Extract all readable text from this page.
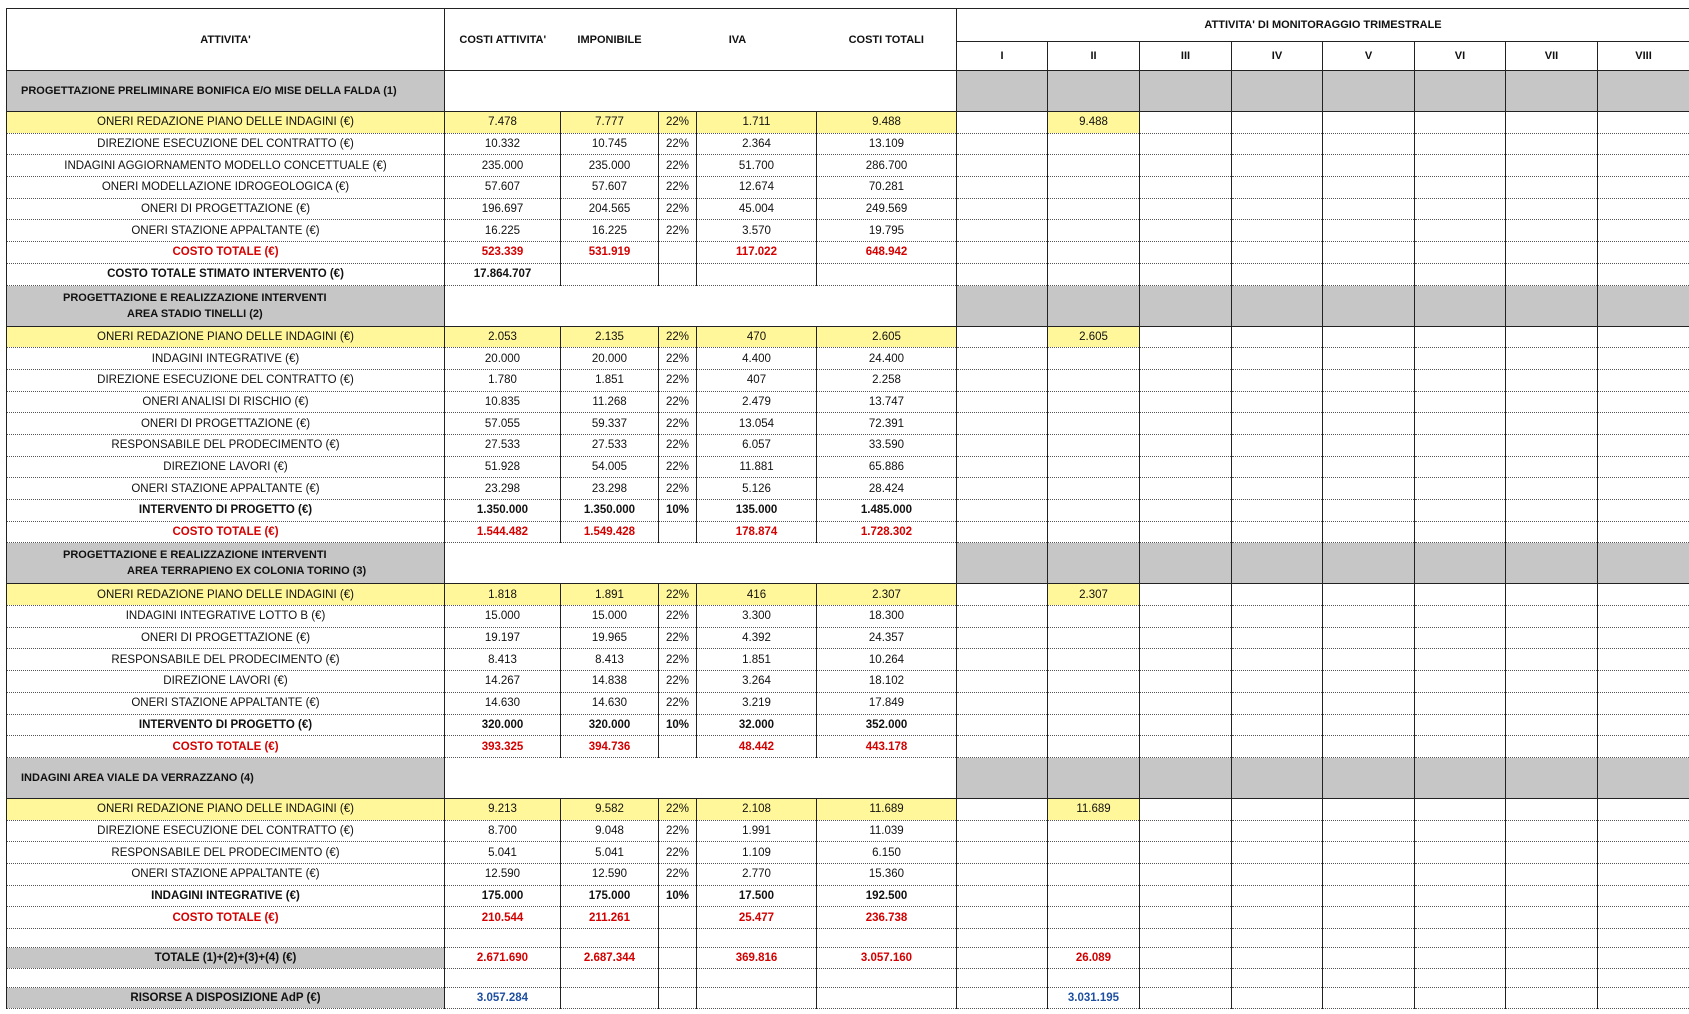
ATTIVITA'	COSTI ATTIVITA'	IMPONIBILE	IVA		COSTI TOTALI	ATTIVITA' DI MONITORAGGIO TRIMESTRALE							
						I	II	III	IV	V	VI	VII	VIII

PROGETTAZIONE PRELIMINARE BONIFICA E/O MISE DELLA FALDA (1)													

ONERI REDAZIONE PIANO DELLE INDAGINI (€)	7.478	7.777	22%	1.711	9.488		9.488						
DIREZIONE ESECUZIONE DEL CONTRATTO (€)	10.332	10.745	22%	2.364	13.109								
INDAGINI AGGIORNAMENTO MODELLO CONCETTUALE (€)	235.000	235.000	22%	51.700	286.700								
ONERI MODELLAZIONE IDROGEOLOGICA (€)	57.607	57.607	22%	12.674	70.281								
ONERI DI PROGETTAZIONE (€)	196.697	204.565	22%	45.004	249.569								
ONERI STAZIONE APPALTANTE (€)	16.225	16.225	22%	3.570	19.795								
COSTO TOTALE (€)	523.339	531.919		117.022	648.942								
COSTO TOTALE STIMATO INTERVENTO (€)	17.864.707												

PROGETTAZIONE E REALIZZAZIONE INTERVENTI
AREA STADIO TINELLI (2)													

ONERI REDAZIONE PIANO DELLE INDAGINI (€)	2.053	2.135	22%	470	2.605		2.605						
INDAGINI INTEGRATIVE (€)	20.000	20.000	22%	4.400	24.400								
DIREZIONE ESECUZIONE DEL CONTRATTO (€)	1.780	1.851	22%	407	2.258								
ONERI ANALISI DI RISCHIO (€)	10.835	11.268	22%	2.479	13.747								
ONERI DI PROGETTAZIONE (€)	57.055	59.337	22%	13.054	72.391								
RESPONSABILE DEL PRODECIMENTO (€)	27.533	27.533	22%	6.057	33.590								
DIREZIONE LAVORI (€)	51.928	54.005	22%	11.881	65.886								
ONERI STAZIONE APPALTANTE (€)	23.298	23.298	22%	5.126	28.424								
INTERVENTO DI PROGETTO (€)	1.350.000	1.350.000	10%	135.000	1.485.000								
COSTO TOTALE (€)	1.544.482	1.549.428		178.874	1.728.302								

PROGETTAZIONE E REALIZZAZIONE INTERVENTI
AREA TERRAPIENO EX COLONIA TORINO (3)													

ONERI REDAZIONE PIANO DELLE INDAGINI (€)	1.818	1.891	22%	416	2.307		2.307						
INDAGINI INTEGRATIVE LOTTO B (€)	15.000	15.000	22%	3.300	18.300								
ONERI DI PROGETTAZIONE (€)	19.197	19.965	22%	4.392	24.357								
RESPONSABILE DEL PRODECIMENTO (€)	8.413	8.413	22%	1.851	10.264								
DIREZIONE LAVORI (€)	14.267	14.838	22%	3.264	18.102								
ONERI STAZIONE APPALTANTE (€)	14.630	14.630	22%	3.219	17.849								
INTERVENTO DI PROGETTO (€)	320.000	320.000	10%	32.000	352.000								
COSTO TOTALE (€)	393.325	394.736		48.442	443.178								

INDAGINI AREA VIALE DA VERRAZZANO (4)													

ONERI REDAZIONE PIANO DELLE INDAGINI (€)	9.213	9.582	22%	2.108	11.689		11.689						
DIREZIONE ESECUZIONE DEL CONTRATTO (€)	8.700	9.048	22%	1.991	11.039								
RESPONSABILE DEL PRODECIMENTO (€)	5.041	5.041	22%	1.109	6.150								
ONERI STAZIONE APPALTANTE (€)	12.590	12.590	22%	2.770	15.360								
INDAGINI INTEGRATIVE (€)	175.000	175.000	10%	17.500	192.500								
COSTO TOTALE (€)	210.544	211.261		25.477	236.738								

TOTALE (1)+(2)+(3)+(4) (€)	2.671.690	2.687.344		369.816	3.057.160		26.089						

RISORSE A DISPOSIZIONE AdP (€)	3.057.284						3.031.195						
